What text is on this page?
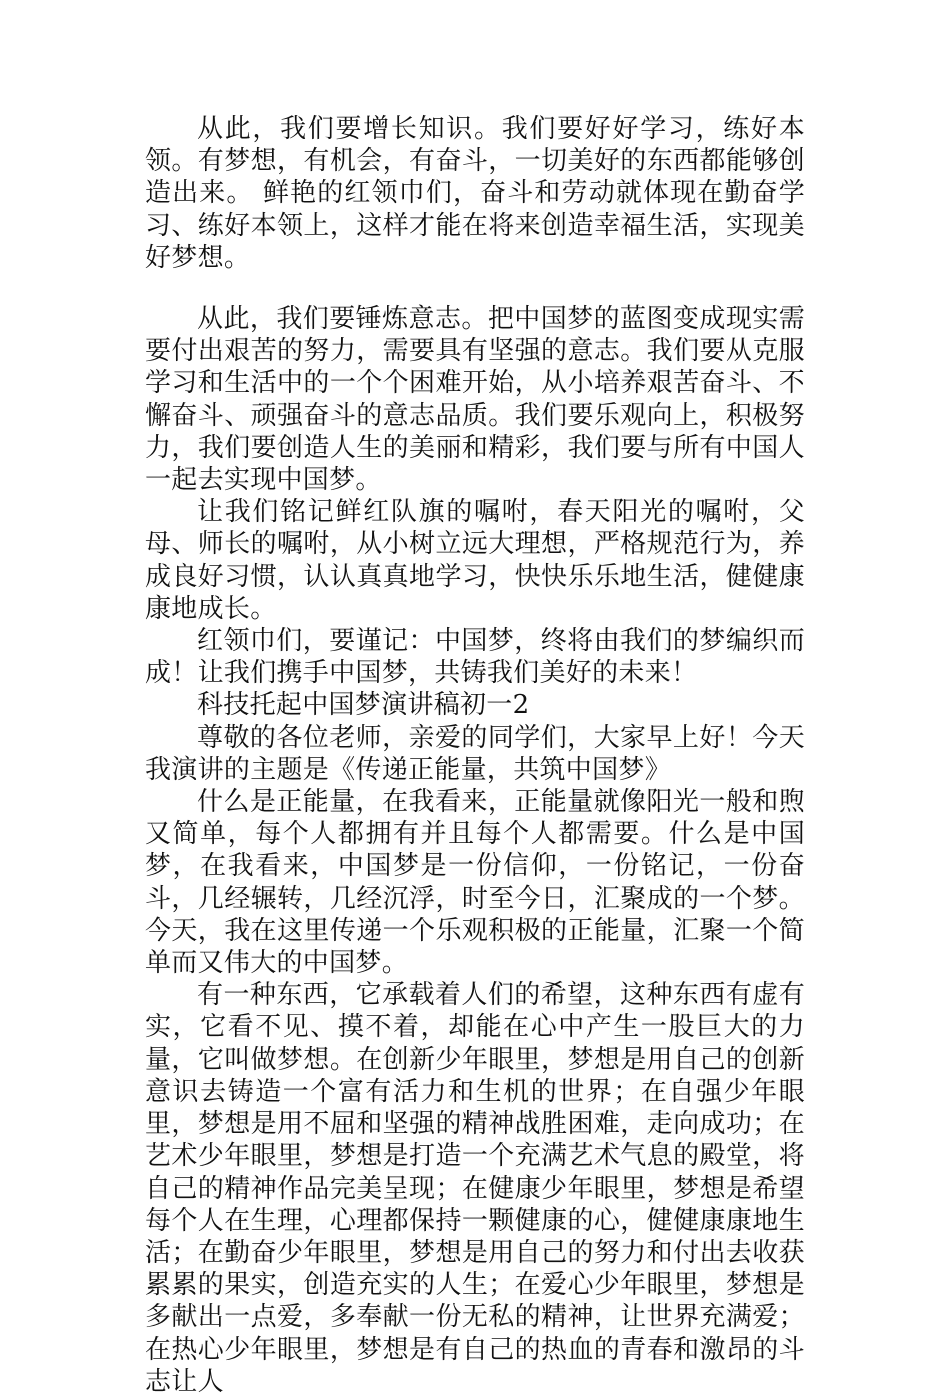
从此，我们要增长知识。我们要好好学习，练好本领。有梦想，有机会，有奋斗，一切美好的东西都能够创造出来。 鲜艳的红领巾们，奋斗和劳动就体现在勤奋学习、练好本领上，这样才能在将来创造幸福生活，实现美好梦想。

从此，我们要锤炼意志。把中国梦的蓝图变成现实需要付出艰苦的努力，需要具有坚强的意志。我们要从克服学习和生活中的一个个困难开始，从小培养艰苦奋斗、不懈奋斗、顽强奋斗的意志品质。我们要乐观向上，积极努力，我们要创造人生的美丽和精彩，我们要与所有中国人一起去实现中国梦。

让我们铭记鲜红队旗的嘱咐，春天阳光的嘱咐，父母、师长的嘱咐，从小树立远大理想，严格规范行为，养成良好习惯，认认真真地学习，快快乐乐地生活，健健康康地成长。

红领巾们，要谨记：中国梦，终将由我们的梦编织而成！让我们携手中国梦，共铸我们美好的未来！

科技托起中国梦演讲稿初一2

尊敬的各位老师，亲爱的同学们，大家早上好！今天我演讲的主题是《传递正能量，共筑中国梦》

什么是正能量，在我看来，正能量就像阳光一般和煦又简单，每个人都拥有并且每个人都需要。什么是中国梦，在我看来，中国梦是一份信仰，一份铭记，一份奋斗，几经辗转，几经沉浮，时至今日，汇聚成的一个梦。今天，我在这里传递一个乐观积极的正能量，汇聚一个简单而又伟大的中国梦。

有一种东西，它承载着人们的希望，这种东西有虚有实，它看不见、摸不着，却能在心中产生一股巨大的力量，它叫做梦想。在创新少年眼里，梦想是用自己的创新意识去铸造一个富有活力和生机的世界；在自强少年眼里，梦想是用不屈和坚强的精神战胜困难，走向成功；在艺术少年眼里，梦想是打造一个充满艺术气息的殿堂，将自己的精神作品完美呈现；在健康少年眼里，梦想是希望每个人在生理，心理都保持一颗健康的心，健健康康地生活；在勤奋少年眼里，梦想是用自己的努力和付出去收获累累的果实，创造充实的人生；在爱心少年眼里，梦想是多献出一点爱，多奉献一份无私的精神，让世界充满爱；在热心少年眼里，梦想是有自己的热血的青春和激昂的斗志让人
